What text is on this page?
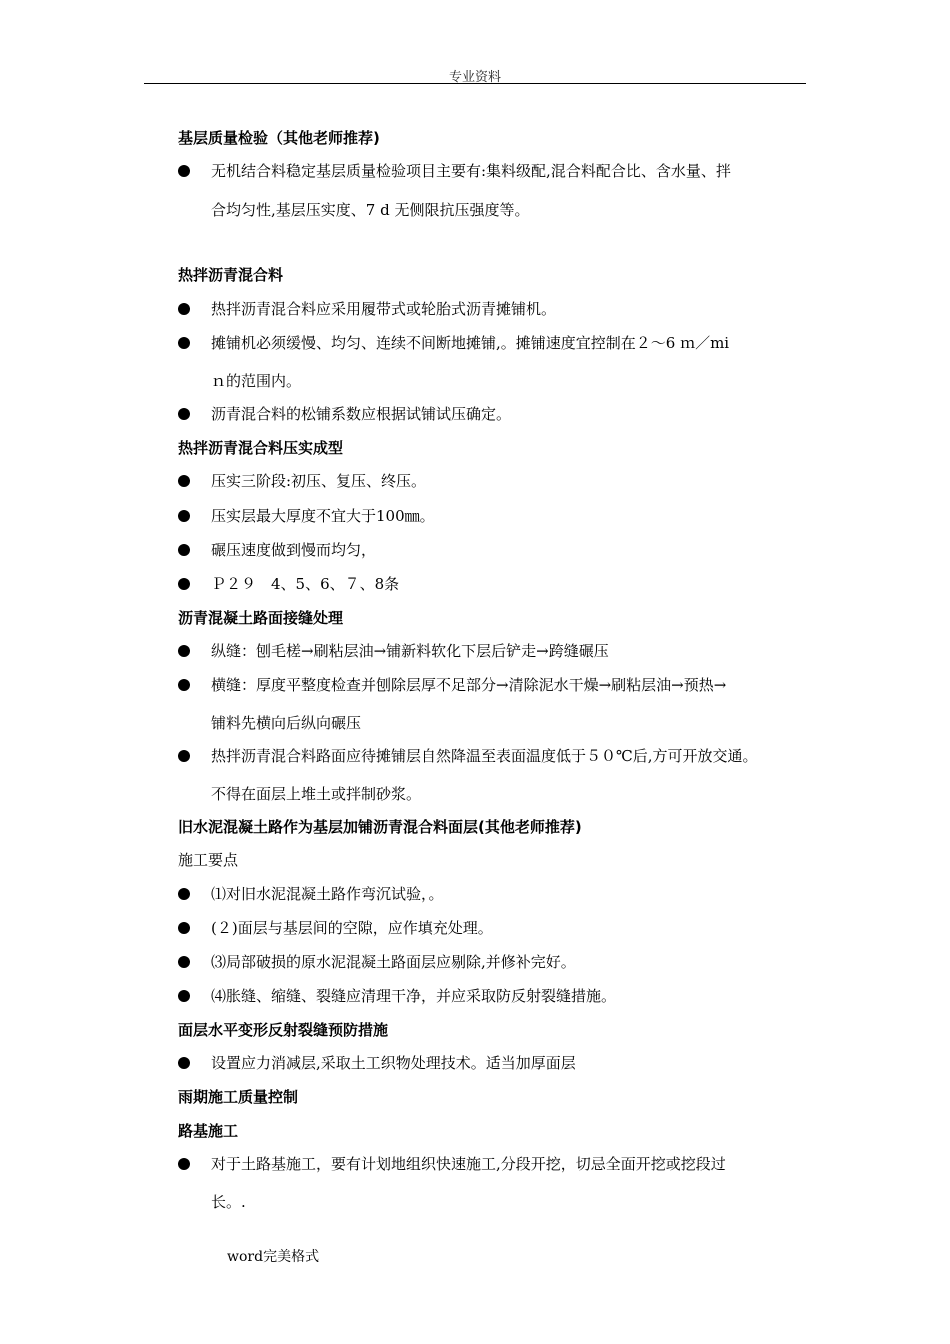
专业资料
基层质量检验（其他老师推荐)
无机结合料稳定基层质量检验项目主要有:集料级配,混合料配合比、含水量、拌
合均匀性,基层压实度、7 d 无侧限抗压强度等。
热拌沥青混合料
热拌沥青混合料应采用履带式或轮胎式沥青摊铺机。
摊铺机必须缓慢、均匀、连续不间断地摊铺,。摊铺速度宜控制在２～6 ｍ／mi
ｎ的范围内。
沥青混合料的松铺系数应根据试铺试压确定。
热拌沥青混合料压实成型
压实三阶段:初压、复压、终压。
压实层最大厚度不宜大于100㎜。
碾压速度做到慢而均匀，
Ｐ２９　4、5、6、７、8条
沥青混凝土路面接缝处理
纵缝：刨毛槎→刷粘层油→铺新料软化下层后铲走→跨缝碾压
横缝：厚度平整度检查并刨除层厚不足部分→清除泥水干燥→刷粘层油→预热→
铺料先横向后纵向碾压
热拌沥青混合料路面应待摊铺层自然降温至表面温度低于５０℃后,方可开放交通。
不得在面层上堆土或拌制砂浆。
旧水泥混凝土路作为基层加铺沥青混合料面层(其他老师推荐)
施工要点
⑴对旧水泥混凝土路作弯沉试验，。
(２)面层与基层间的空隙，应作填充处理。
⑶局部破损的原水泥混凝土路面层应剔除,并修补完好。
⑷胀缝、缩缝、裂缝应清理干净，并应采取防反射裂缝措施。
面层水平变形反射裂缝预防措施
设置应力消减层,采取土工织物处理技术。适当加厚面层
雨期施工质量控制
路基施工
对于土路基施工，要有计划地组织快速施工,分段开挖，切忌全面开挖或挖段过
长。.
word完美格式
